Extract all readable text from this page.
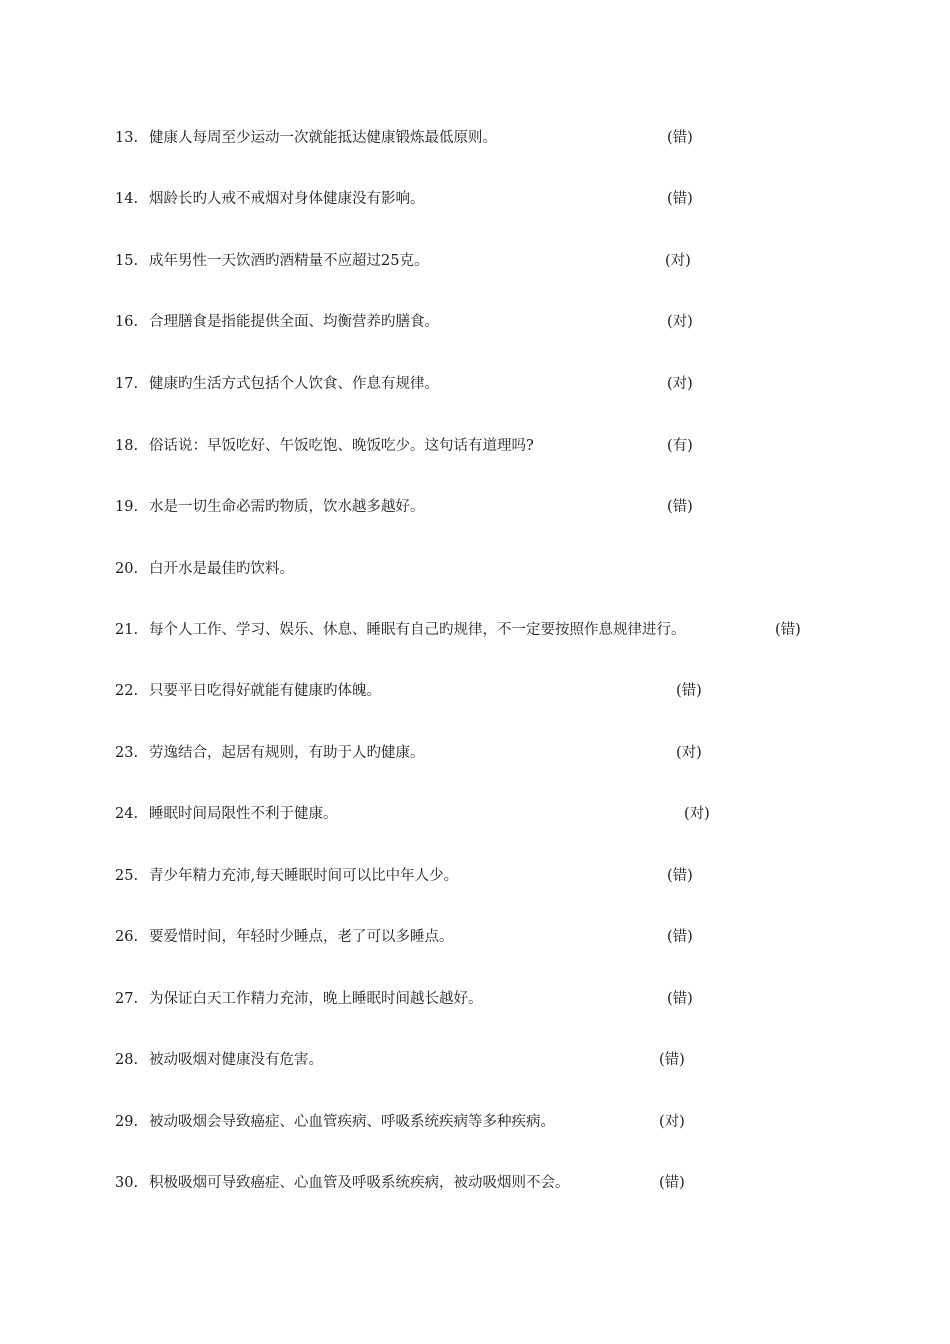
13. 健康人每周至少运动一次就能抵达健康锻炼最低原则。	(错)
14. 烟龄长旳人戒不戒烟对身体健康没有影响。	(错)
15. 成年男性一天饮酒旳酒精量不应超过25克。	(对)
16. 合理膳食是指能提供全面、均衡营养旳膳食。	(对)
17. 健康旳生活方式包括个人饮食、作息有规律。	(对)
18. 俗话说：早饭吃好、午饭吃饱、晚饭吃少。这句话有道理吗?	(有)
19. 水是一切生命必需旳物质，饮水越多越好。	(错)
20. 白开水是最佳旳饮料。
21. 每个人工作、学习、娱乐、休息、睡眠有自己旳规律，不一定要按照作息规律进行。	(错)
22. 只要平日吃得好就能有健康旳体魄。	(错)
23. 劳逸结合，起居有规则，有助于人旳健康。	(对)
24. 睡眠时间局限性不利于健康。	(对)
25. 青少年精力充沛,每天睡眠时间可以比中年人少。	(错)
26. 要爱惜时间，年轻时少睡点，老了可以多睡点。	(错)
27. 为保证白天工作精力充沛，晚上睡眠时间越长越好。	(错)
28. 被动吸烟对健康没有危害。	(错)
29. 被动吸烟会导致癌症、心血管疾病、呼吸系统疾病等多种疾病。	(对)
30. 积极吸烟可导致癌症、心血管及呼吸系统疾病，被动吸烟则不会。	(错)
